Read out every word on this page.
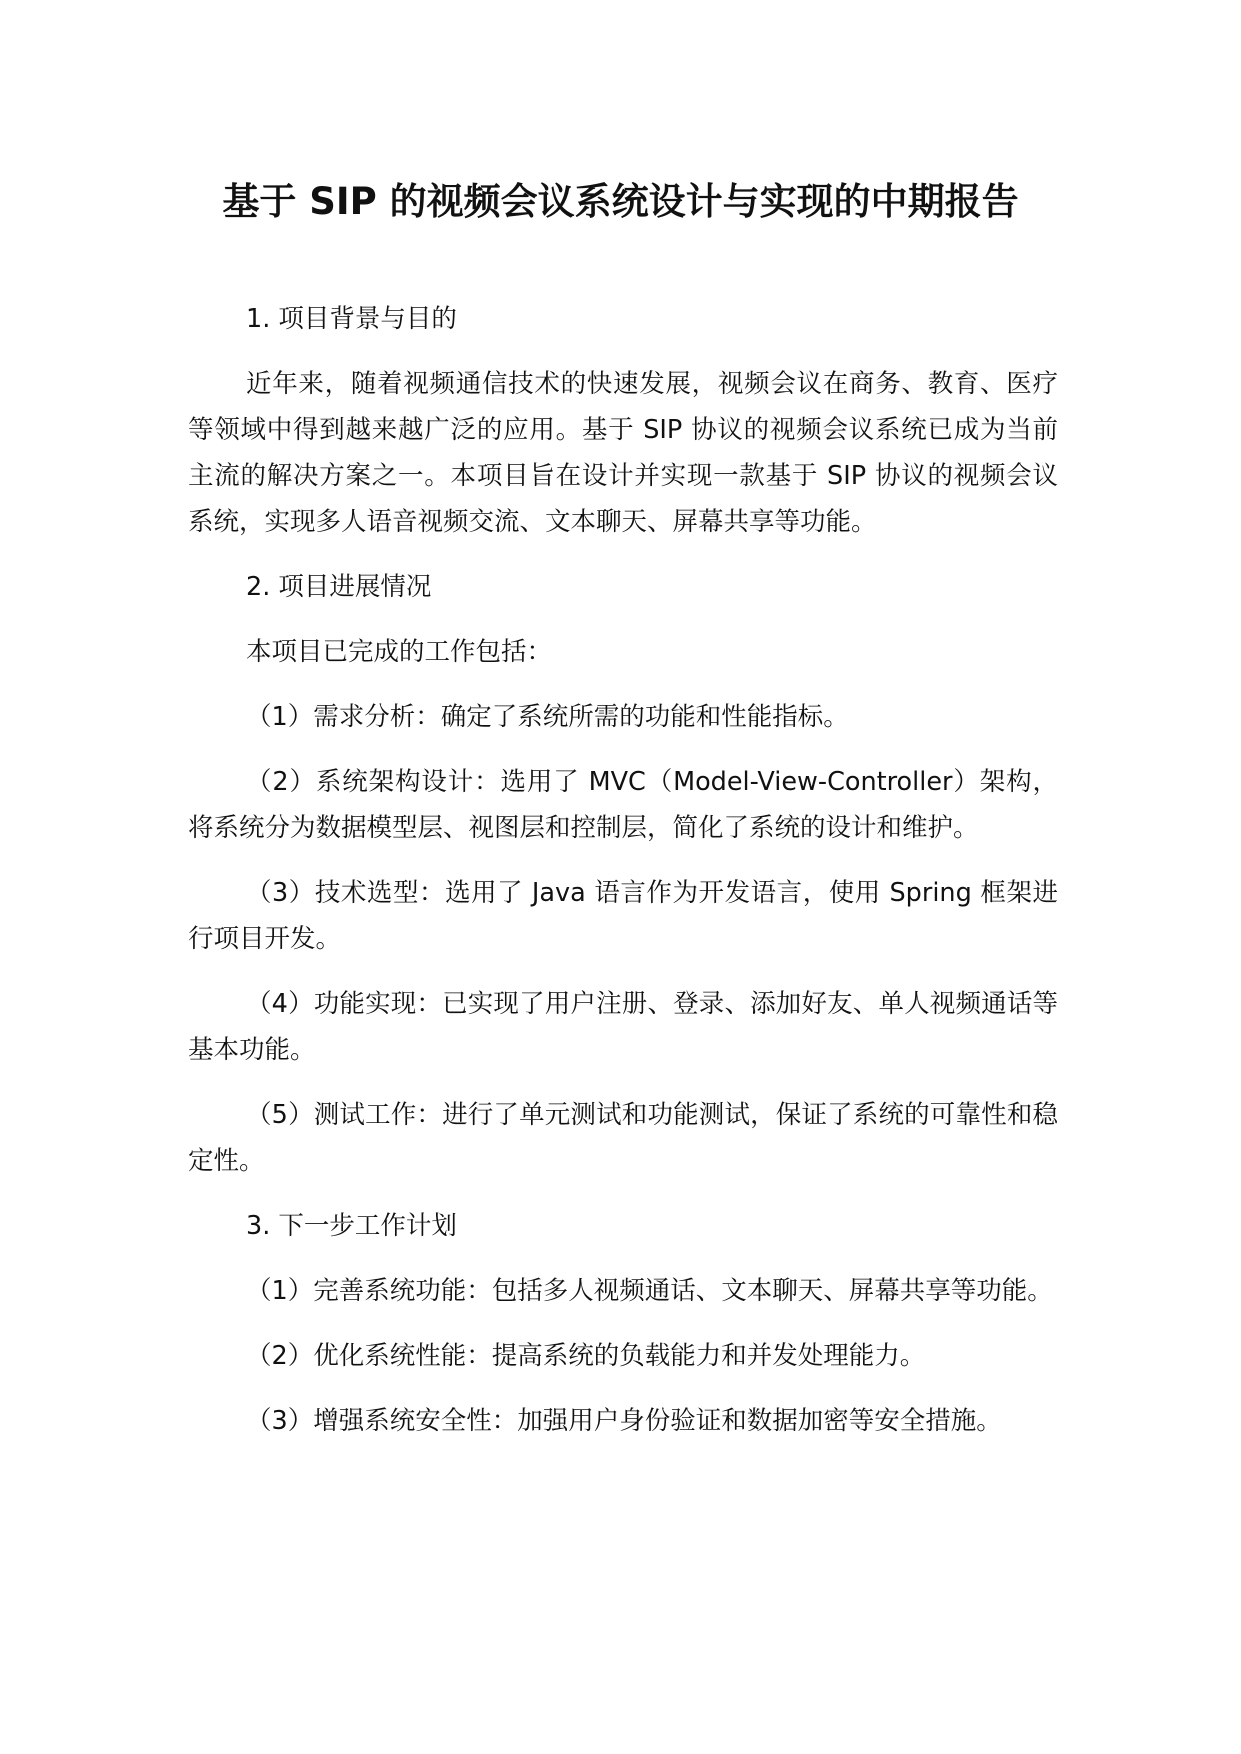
基于 SIP 的视频会议系统设计与实现的中期报告

1. 项目背景与目的

近年来，随着视频通信技术的快速发展，视频会议在商务、教育、医疗等领域中得到越来越广泛的应用。基于 SIP 协议的视频会议系统已成为当前主流的解决方案之一。本项目旨在设计并实现一款基于 SIP 协议的视频会议系统，实现多人语音视频交流、文本聊天、屏幕共享等功能。

2. 项目进展情况

本项目已完成的工作包括：

（1）需求分析：确定了系统所需的功能和性能指标。

（2）系统架构设计：选用了 MVC（Model-View-Controller）架构，将系统分为数据模型层、视图层和控制层，简化了系统的设计和维护。

（3）技术选型：选用了 Java 语言作为开发语言，使用 Spring 框架进行项目开发。

（4）功能实现：已实现了用户注册、登录、添加好友、单人视频通话等基本功能。

（5）测试工作：进行了单元测试和功能测试，保证了系统的可靠性和稳定性。

3. 下一步工作计划

（1）完善系统功能：包括多人视频通话、文本聊天、屏幕共享等功能。

（2）优化系统性能：提高系统的负载能力和并发处理能力。

（3）增强系统安全性：加强用户身份验证和数据加密等安全措施。
